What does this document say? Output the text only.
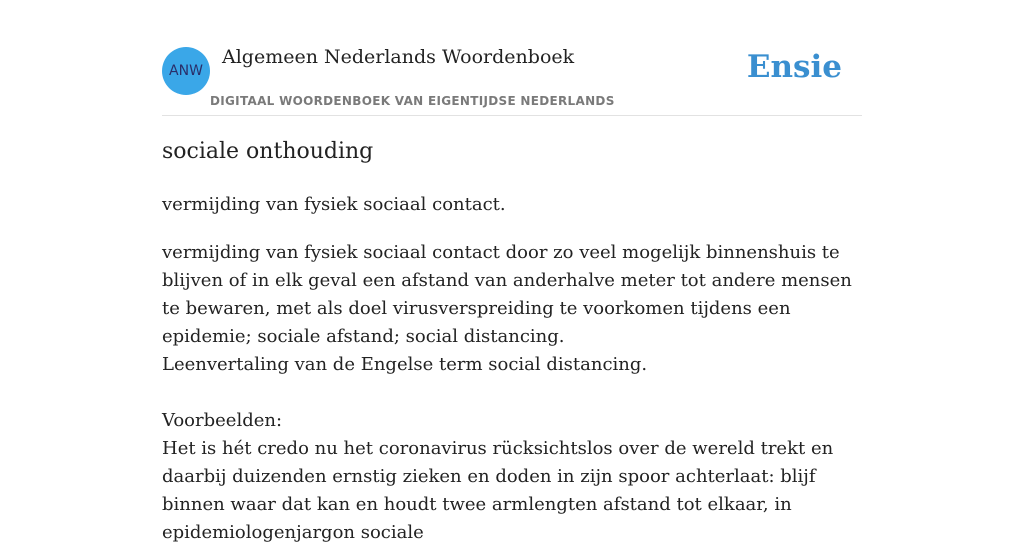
ANW
Algemeen Nederlands Woordenboek
DIGITAAL WOORDENBOEK VAN EIGENTIJDSE NEDERLANDS
Ensie
sociale onthouding
vermijding van fysiek sociaal contact.

vermijding van fysiek sociaal contact door zo veel mogelijk binnenshuis te blijven of in elk geval een afstand van anderhalve meter tot andere mensen te bewaren, met als doel virusverspreiding te voorkomen tijdens een epidemie; sociale afstand; social distancing.

Leenvertaling van de Engelse term social distancing.

Voorbeelden:

Het is hét credo nu het coronavirus rücksichtslos over de wereld trekt en daarbij duizenden ernstig zieken en doden in zijn spoor achterlaat: blijf binnen waar dat kan en houdt twee armlengten afstand tot elkaar, in epidemiologenjargon sociale
